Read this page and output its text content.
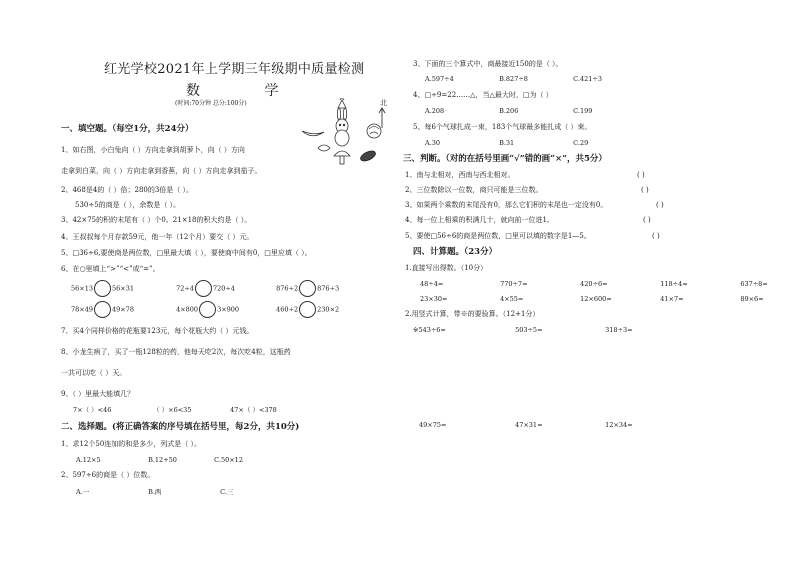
红光学校2021年上学期三年级期中质量检测
数 学
(时间:70分钟 总分:100分)	北
一、填空题。（每空1分，共24分）
1、如右图，小白兔向（ ）方向走拿到胡萝卜，向（ ）方向
走拿到白菜，向（ ）方向走拿到香蕉，向（ ）方向走拿到茄子。
2、468是4的（ ）倍；280的3倍是（ ）。
530÷5的商是（ ），余数是（ ）。
3、42×75的积的末尾有（ ）个0。21×18的积大约是（ ）。
4、王叔叔每个月存款59元，他一年（12个月）要交（ ）元。
5、□36÷6,要使商是两位数，□里最大填（ ），要使商中间有0，□里应填（ ）。
6、在○里填上“>”“<”或“=”。
56×13	56×31	72÷4	720÷4	876÷2	876÷3
78×49	49×78	4×800	3×900	460÷2	230×2
7、买4个同样价格的花瓶要123元，每个花瓶大约（ ）元钱。
8、小龙生病了，买了一瓶128粒的药，他每天吃2次，每次吃4粒，这瓶药
一共可以吃（ ）天。
9、（ ）里最大能填几？
7×（ ）<46	（ ）×6<35	47×（ ）<378
二、选择题。(将正确答案的序号填在括号里，每2分，共10分)
1、求12个50连加的和是多少，列式是（ ）。
A.12×5	B.12+50	C.50×12
2、597÷6的商是（ ）位数。
A.一	B.两	C.三
3、下面的三个算式中，商最接近150的是（ ）。
A.597÷4	B.827÷8	C.421÷3
4、□÷9=22……△，当△最大时，□为（ ）
A.208	B.206	C.199
5、每6个气球扎成一束，183个气球最多能扎成（ ）束。
A.30	B.31	C.29
三、判断。（对的在括号里画“√”错的画“×”，共5分）
1、南与北相对，西南与西北相对。	( )
2、三位数除以一位数，商只可能是三位数。	( )
3、如果两个乘数的末尾没有0，那么它们积的末尾也一定没有0。	( )
4、每一位上相乘的积满几十，就向前一位进1。	( )
5、要使□56÷6的商是两位数，□里可以填的数字是1—5。	( )
四、计算题。（23分）
1.直接写出得数。（10分）
48÷4=	770÷7=	420÷6=	118÷4≈	637÷8≈
23×30=	4×55=	12×600=	41×7≈	89×6≈
2.用竖式计算，带※的要验算。（12+1分）
※543÷6=	503÷5=	318÷3=
49×75=	47×31=	12×34=
